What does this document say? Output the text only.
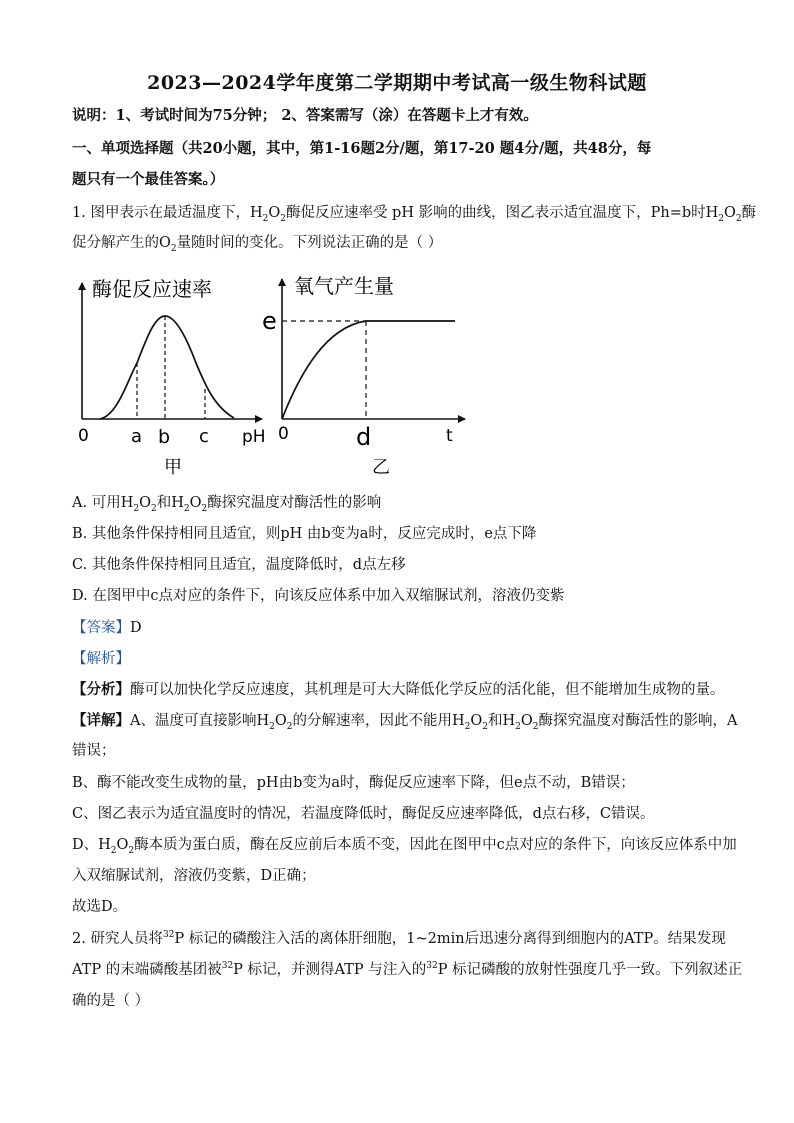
2023—2024学年度第二学期期中考试高一级生物科试题
说明：1、考试时间为75分钟； 2、答案需写（涂）在答题卡上才有效。
一、单项选择题（共20小题，其中，第1-16题2分/题，第17-20 题4分/题，共48分，每
题只有一个最佳答案。）
1. 图甲表示在最适温度下，$H_2O_2$酶促反应速率受 pH 影响的曲线，图乙表示适宜温度下，Ph=b时$H_2O_2$酶
促分解产生的$O_2$量随时间的变化。下列说法正确的是（ ）
酶促反应速率
0 a b c pH
甲
氧气产生量
e
0	d	t
乙
A. 可用$H_2O_2$和$H_2O_2$酶探究温度对酶活性的影响
B. 其他条件保持相同且适宜，则pH 由b变为a时，反应完成时，e点下降
C. 其他条件保持相同且适宜，温度降低时，d点左移
D. 在图甲中c点对应的条件下，向该反应体系中加入双缩脲试剂，溶液仍变紫
【答案】D
【解析】
【分析】酶可以加快化学反应速度，其机理是可大大降低化学反应的活化能，但不能增加生成物的量。
【详解】A、温度可直接影响$H_2O_2$的分解速率，因此不能用$H_2O_2$和$H_2O_2$酶探究温度对酶活性的影响，A
错误；
B、酶不能改变生成物的量，pH由b变为a时，酶促反应速率下降，但e点不动，B错误；
C、图乙表示为适宜温度时的情况，若温度降低时，酶促反应速率降低，d点右移，C错误。
D、$H_2O_2$酶本质为蛋白质，酶在反应前后本质不变，因此在图甲中c点对应的条件下，向该反应体系中加
入双缩脲试剂，溶液仍变紫，D正确；
故选D。
2. 研究人员将$^{32}$P 标记的磷酸注入活的离体肝细胞，1~2min后迅速分离得到细胞内的ATP。结果发现
ATP 的末端磷酸基团被$^{32}$P 标记，并测得ATP 与注入的$^{32}$P 标记磷酸的放射性强度几乎一致。下列叙述正
确的是（ ）
